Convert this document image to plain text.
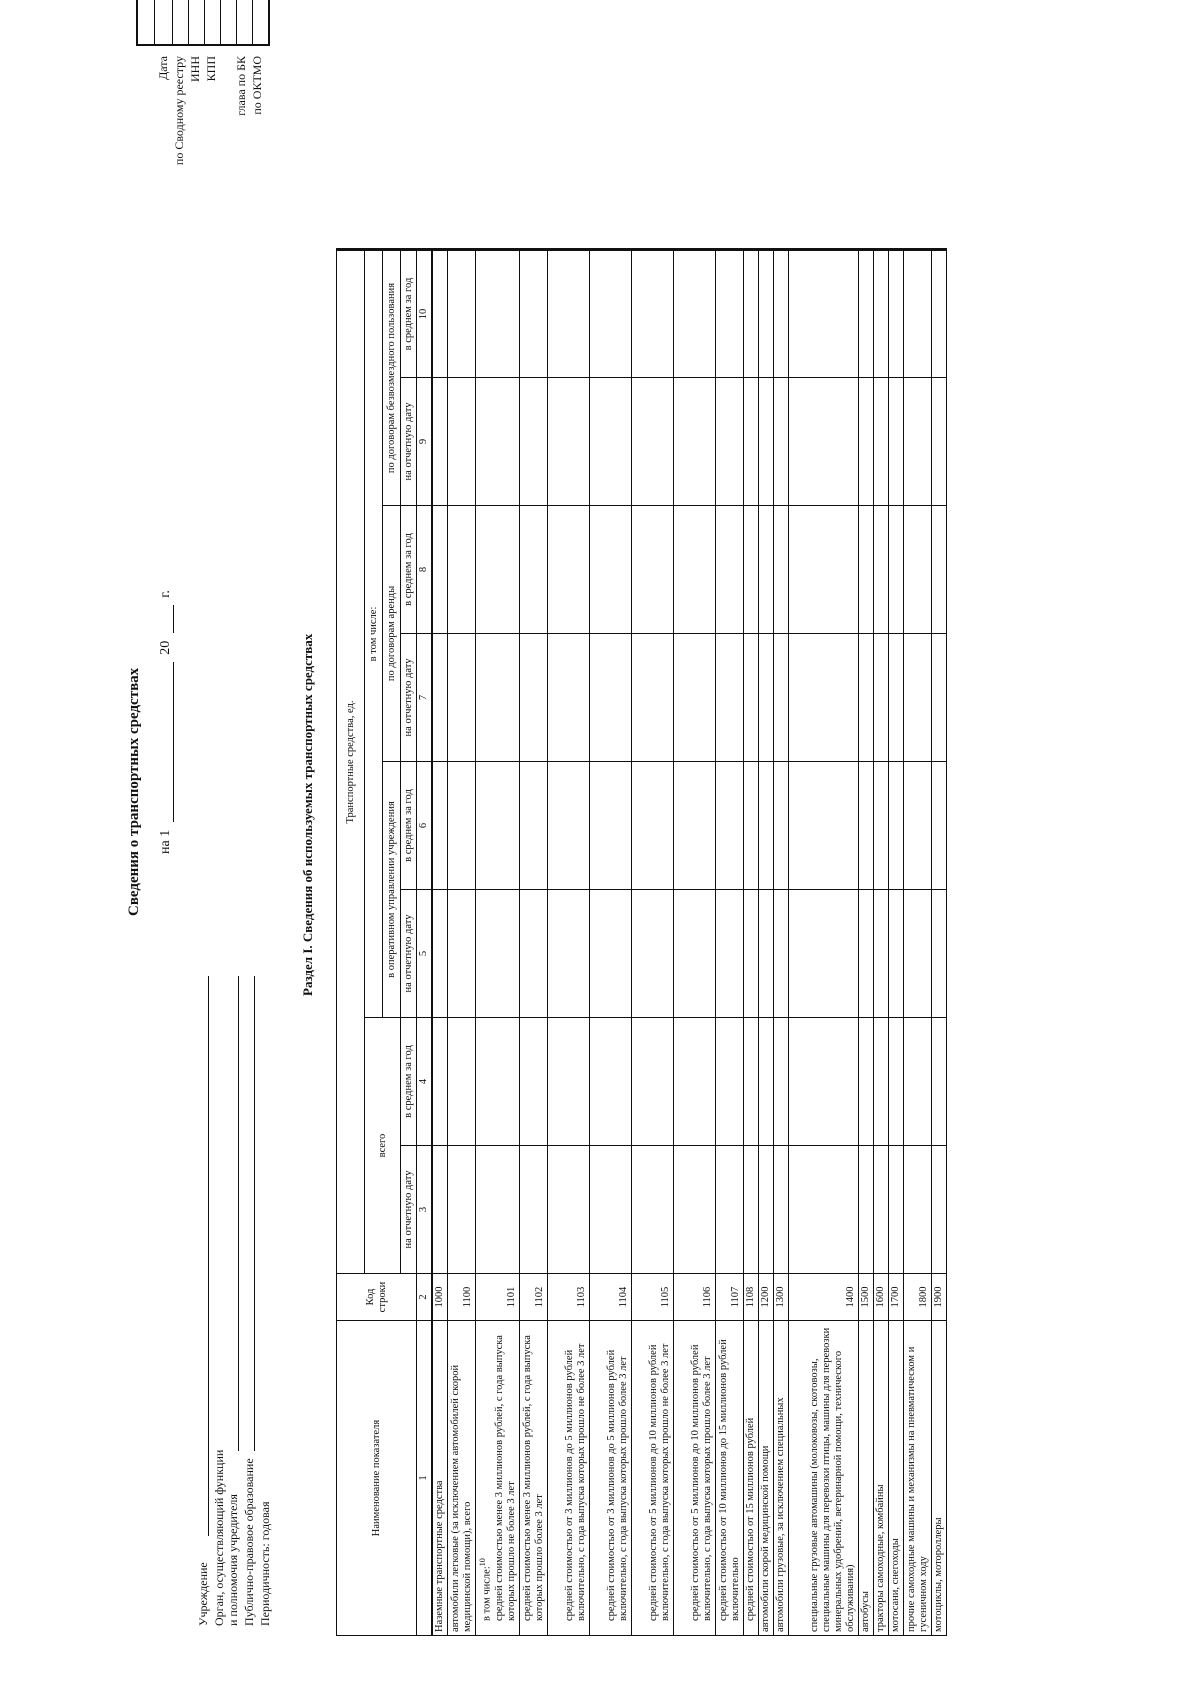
Сведения о транспортных средствах на 1  20  г.
Учреждение Орган, осуществляющий функции и полномочия учредителя Публично-правовое образование Периодичность: годовая
Дата по Сводному реестру ИНН КПП глава по БК по ОКТМО
Раздел I. Сведения об используемых транспортных средствах
Наименование показателя	Код строки	Транспортные средства, ед.							
		всего		в том числе:					
				в оперативном управлении учреждения		по договорам аренды		по договорам безвозмездного пользования	
		на отчетную дату	в среднем за год	на отчетную дату	в среднем за год	на отчетную дату	в среднем за год	на отчетную дату	в среднем за год
1	2	3	4	5	6	7	8	9	10
Наземные транспортные средства	1000								
автомобили легковые (за исключением автомобилей скорой медицинской помощи), всего	1100								

в том числе:$^{10}$ средней стоимостью менее 3 миллионов рублей, с года выпуска которых прошло не более 3 лет	1101								
средней стоимостью менее 3 миллионов рублей, с года выпуска которых прошло более 3 лет	1102								
средней стоимостью от 3 миллионов до 5 миллионов рублей включительно, с года выпуска которых прошло не более 3 лет	1103								
средней стоимостью от 3 миллионов до 5 миллионов рублей включительно, с года выпуска которых прошло более 3 лет	1104								
средней стоимостью от 5 миллионов до 10 миллионов рублей включительно, с года выпуска которых прошло не более 3 лет	1105								
средней стоимостью от 5 миллионов до 10 миллионов рублей включительно, с года выпуска которых прошло более 3 лет	1106								
средней стоимостью от 10 миллионов до 15 миллионов рублей включительно	1107								
средней стоимостью от 15 миллионов рублей	1108								
автомобили скорой медицинской помощи	1200								
автомобили грузовые, за исключением специальных	1300								
специальные грузовые автомашины (молоковозы, скотовозы, специальные машины для перевозки птицы, машины для перевозки минеральных удобрений, ветеринарной помощи, технического обслуживания)	1400								
автобусы	1500								
тракторы самоходные, комбайны	1600								
мотосани, снегоходы	1700								
прочие самоходные машины и механизмы на пневматическом и гусеничном ходу	1800								
мотоциклы, мотороллеры	1900								
